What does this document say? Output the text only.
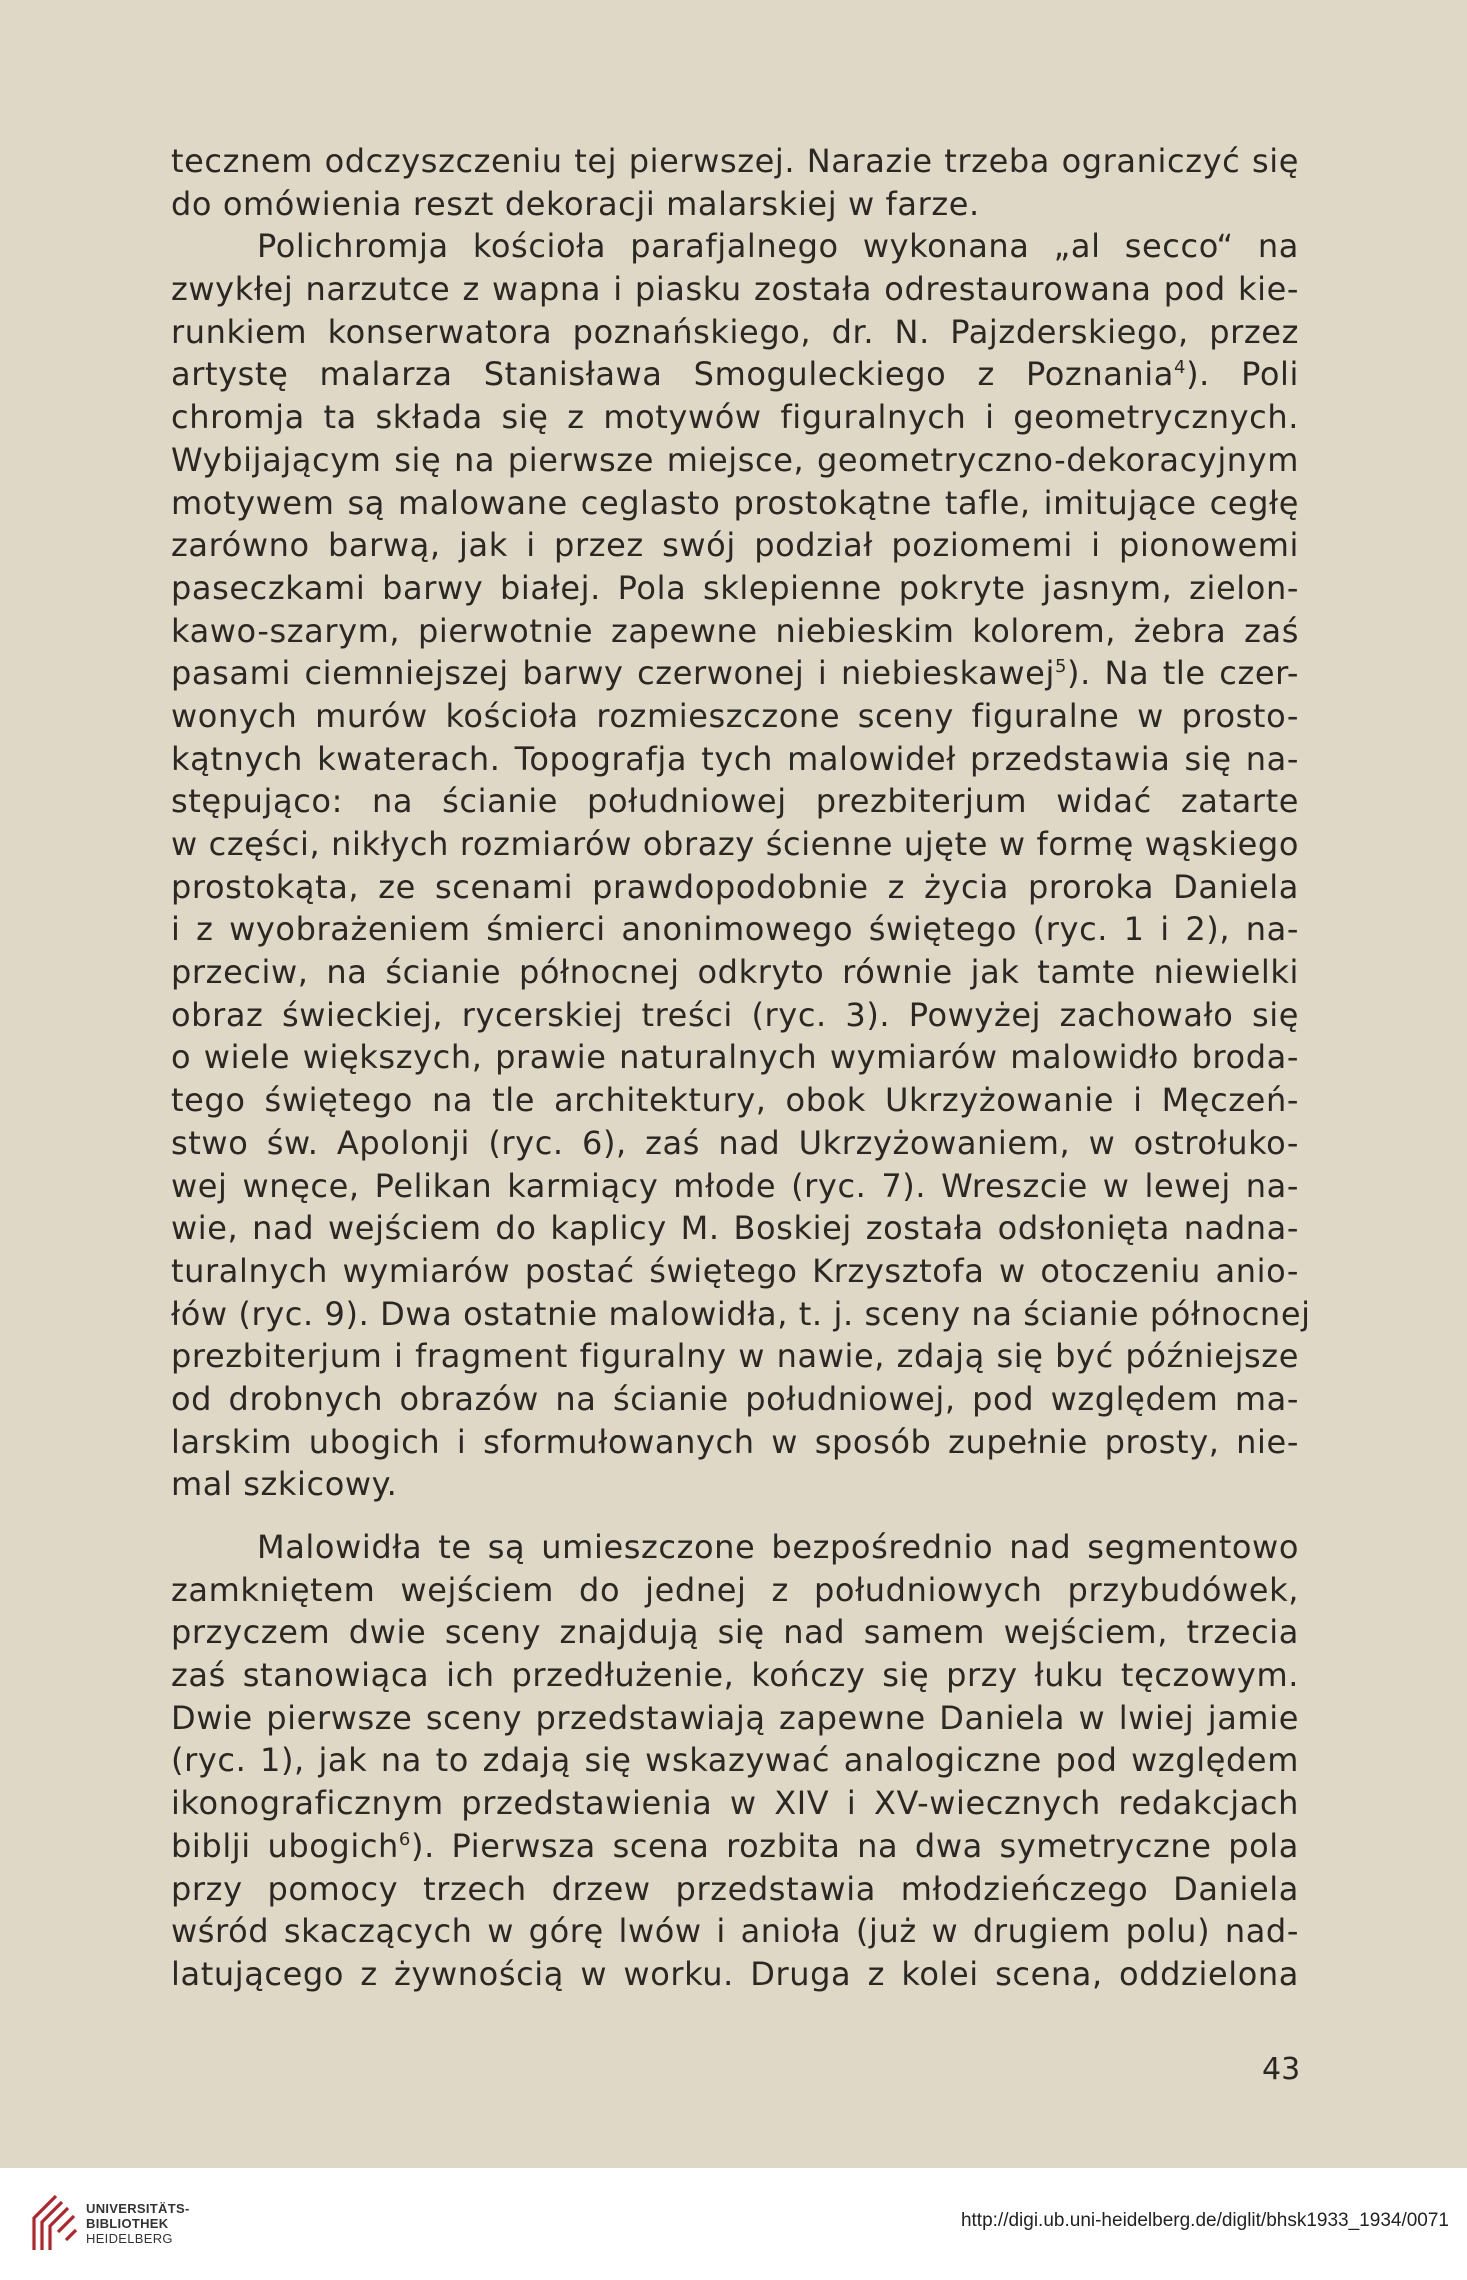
tecznem odczyszczeniu tej pierwszej. Narazie trzeba ograniczyć się
do omówienia reszt dekoracji malarskiej w farze.
Polichromja kościoła parafjalnego wykonana „al secco“ na
zwykłej narzutce z wapna i piasku została odrestaurowana pod kie-
runkiem konserwatora poznańskiego, dr. N. Pajzderskiego, przez
artystę malarza Stanisława Smoguleckiego z Poznania$^4$). Poli
chromja ta składa się z motywów figuralnych i geometrycznych.
Wybijającym się na pierwsze miejsce, geometryczno-dekoracyjnym
motywem są malowane ceglasto prostokątne tafle, imitujące cegłę
zarówno barwą, jak i przez swój podział poziomemi i pionowemi
paseczkami barwy białej. Pola sklepienne pokryte jasnym, zielon-
kawo-szarym, pierwotnie zapewne niebieskim kolorem, żebra zaś
pasami ciemniejszej barwy czerwonej i niebieskawej$^5$). Na tle czer-
wonych murów kościoła rozmieszczone sceny figuralne w prosto-
kątnych kwaterach. Topografja tych malowideł przedstawia się na-
stępująco: na ścianie południowej prezbiterjum widać zatarte
w części, nikłych rozmiarów obrazy ścienne ujęte w formę wąskiego
prostokąta, ze scenami prawdopodobnie z życia proroka Daniela
i z wyobrażeniem śmierci anonimowego świętego (ryc. 1 i 2), na-
przeciw, na ścianie północnej odkryto równie jak tamte niewielki
obraz świeckiej, rycerskiej treści (ryc. 3). Powyżej zachowało się
o wiele większych, prawie naturalnych wymiarów malowidło broda-
tego świętego na tle architektury, obok Ukrzyżowanie i Męczeń-
stwo św. Apolonji (ryc. 6), zaś nad Ukrzyżowaniem, w ostrołuko-
wej wnęce, Pelikan karmiący młode (ryc. 7). Wreszcie w lewej na-
wie, nad wejściem do kaplicy M. Boskiej została odsłonięta nadna-
turalnych wymiarów postać świętego Krzysztofa w otoczeniu anio-
łów (ryc. 9). Dwa ostatnie malowidła, t. j. sceny na ścianie północnej
prezbiterjum i fragment figuralny w nawie, zdają się być późniejsze
od drobnych obrazów na ścianie południowej, pod względem ma-
larskim ubogich i sformułowanych w sposób zupełnie prosty, nie-
mal szkicowy.
Malowidła te są umieszczone bezpośrednio nad segmentowo
zamkniętem wejściem do jednej z południowych przybudówek,
przyczem dwie sceny znajdują się nad samem wejściem, trzecia
zaś stanowiąca ich przedłużenie, kończy się przy łuku tęczowym.
Dwie pierwsze sceny przedstawiają zapewne Daniela w lwiej jamie
(ryc. 1), jak na to zdają się wskazywać analogiczne pod względem
ikonograficznym przedstawienia w XIV i XV-wiecznych redakcjach
biblji ubogich$^6$). Pierwsza scena rozbita na dwa symetryczne pola
przy pomocy trzech drzew przedstawia młodzieńczego Daniela
wśród skaczących w górę lwów i anioła (już w drugiem polu) nad-
latującego z żywnością w worku. Druga z kolei scena, oddzielona
43
UNIVERSITÄTS-
BIBLIOTHEK
HEIDELBERG
http://digi.ub.uni-heidelberg.de/diglit/bhsk1933_1934/0071
